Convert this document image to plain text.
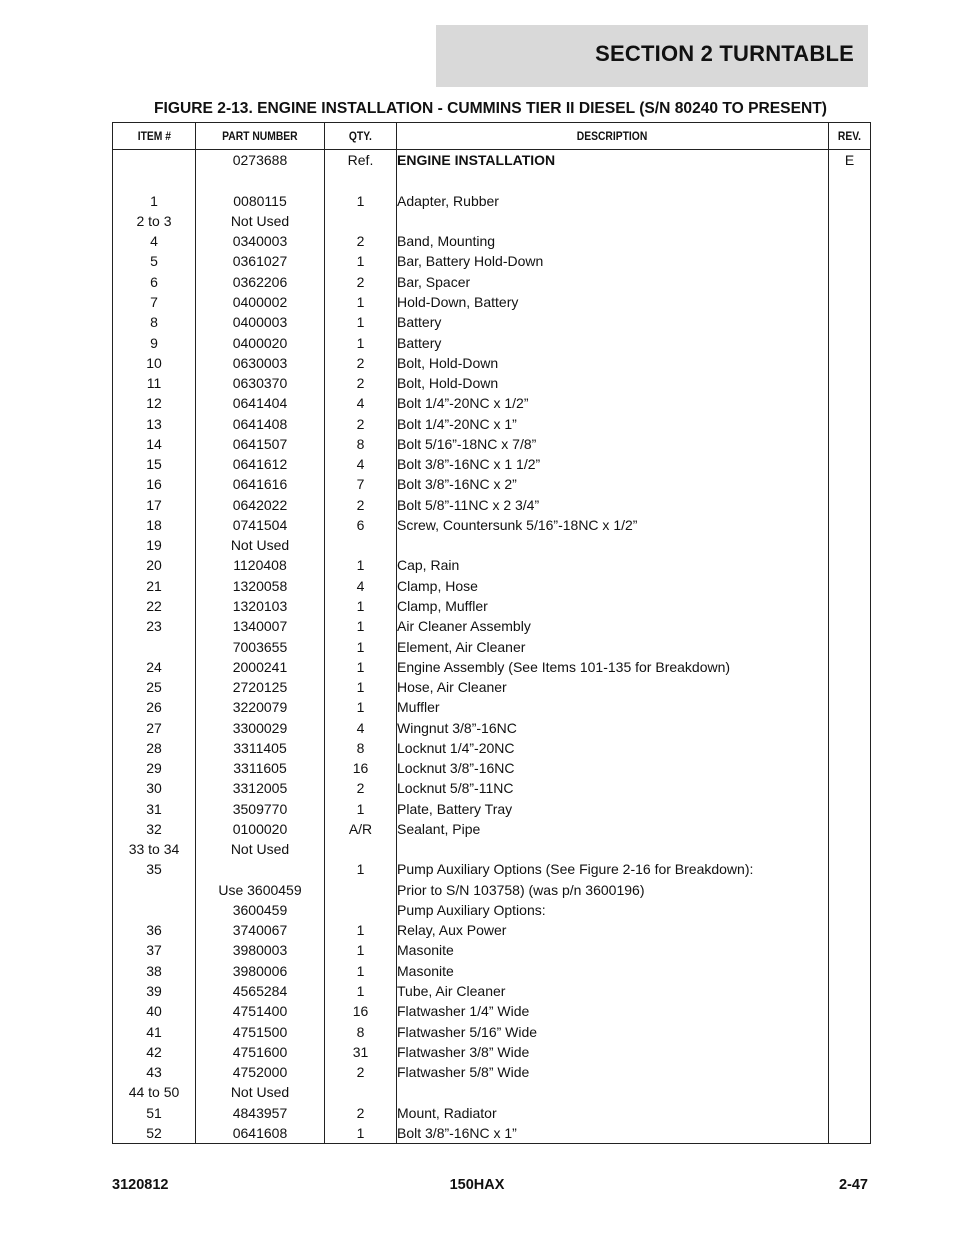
SECTION 2 TURNTABLE
FIGURE 2-13. ENGINE INSTALLATION - CUMMINS TIER II DIESEL (S/N 80240 TO PRESENT)
ITEM #	PART NUMBER	QTY.	DESCRIPTION	REV.
	0273688	Ref.	ENGINE INSTALLATION	E

1	0080115	1	Adapter, Rubber	
2 to 3	Not Used			
4	0340003	2	Band, Mounting	
5	0361027	1	Bar, Battery Hold-Down	
6	0362206	2	Bar, Spacer	
7	0400002	1	Hold-Down, Battery	
8	0400003	1	Battery	
9	0400020	1	Battery	
10	0630003	2	Bolt, Hold-Down	
11	0630370	2	Bolt, Hold-Down	
12	0641404	4	Bolt 1/4”-20NC x 1/2”	
13	0641408	2	Bolt 1/4”-20NC x 1”	
14	0641507	8	Bolt 5/16”-18NC x 7/8”	
15	0641612	4	Bolt 3/8”-16NC x 1 1/2”	
16	0641616	7	Bolt 3/8”-16NC x 2”	
17	0642022	2	Bolt 5/8”-11NC x 2 3/4”	
18	0741504	6	Screw, Countersunk 5/16”-18NC x 1/2”	
19	Not Used			
20	1120408	1	Cap, Rain	
21	1320058	4	Clamp, Hose	
22	1320103	1	Clamp, Muffler	
23	1340007	1	Air Cleaner Assembly	
	7003655	1	Element, Air Cleaner	
24	2000241	1	Engine Assembly (See Items 101-135 for Breakdown)	
25	2720125	1	Hose, Air Cleaner	
26	3220079	1	Muffler	
27	3300029	4	Wingnut 3/8”-16NC	
28	3311405	8	Locknut 1/4”-20NC	
29	3311605	16	Locknut 3/8”-16NC	
30	3312005	2	Locknut 5/8”-11NC	
31	3509770	1	Plate, Battery Tray	
32	0100020	A/R	Sealant, Pipe	
33 to 34	Not Used			
35		1	Pump Auxiliary Options (See Figure 2-16 for Breakdown):	
	Use 3600459		Prior to S/N 103758) (was p/n 3600196)	
	3600459		Pump Auxiliary Options:	
36	3740067	1	Relay, Aux Power	
37	3980003	1	Masonite	
38	3980006	1	Masonite	
39	4565284	1	Tube, Air Cleaner	
40	4751400	16	Flatwasher 1/4” Wide	
41	4751500	8	Flatwasher 5/16” Wide	
42	4751600	31	Flatwasher 3/8” Wide	
43	4752000	2	Flatwasher 5/8” Wide	
44 to 50	Not Used			
51	4843957	2	Mount, Radiator	
52	0641608	1	Bolt 3/8”-16NC x 1”	

3120812	150HAX	2-47
